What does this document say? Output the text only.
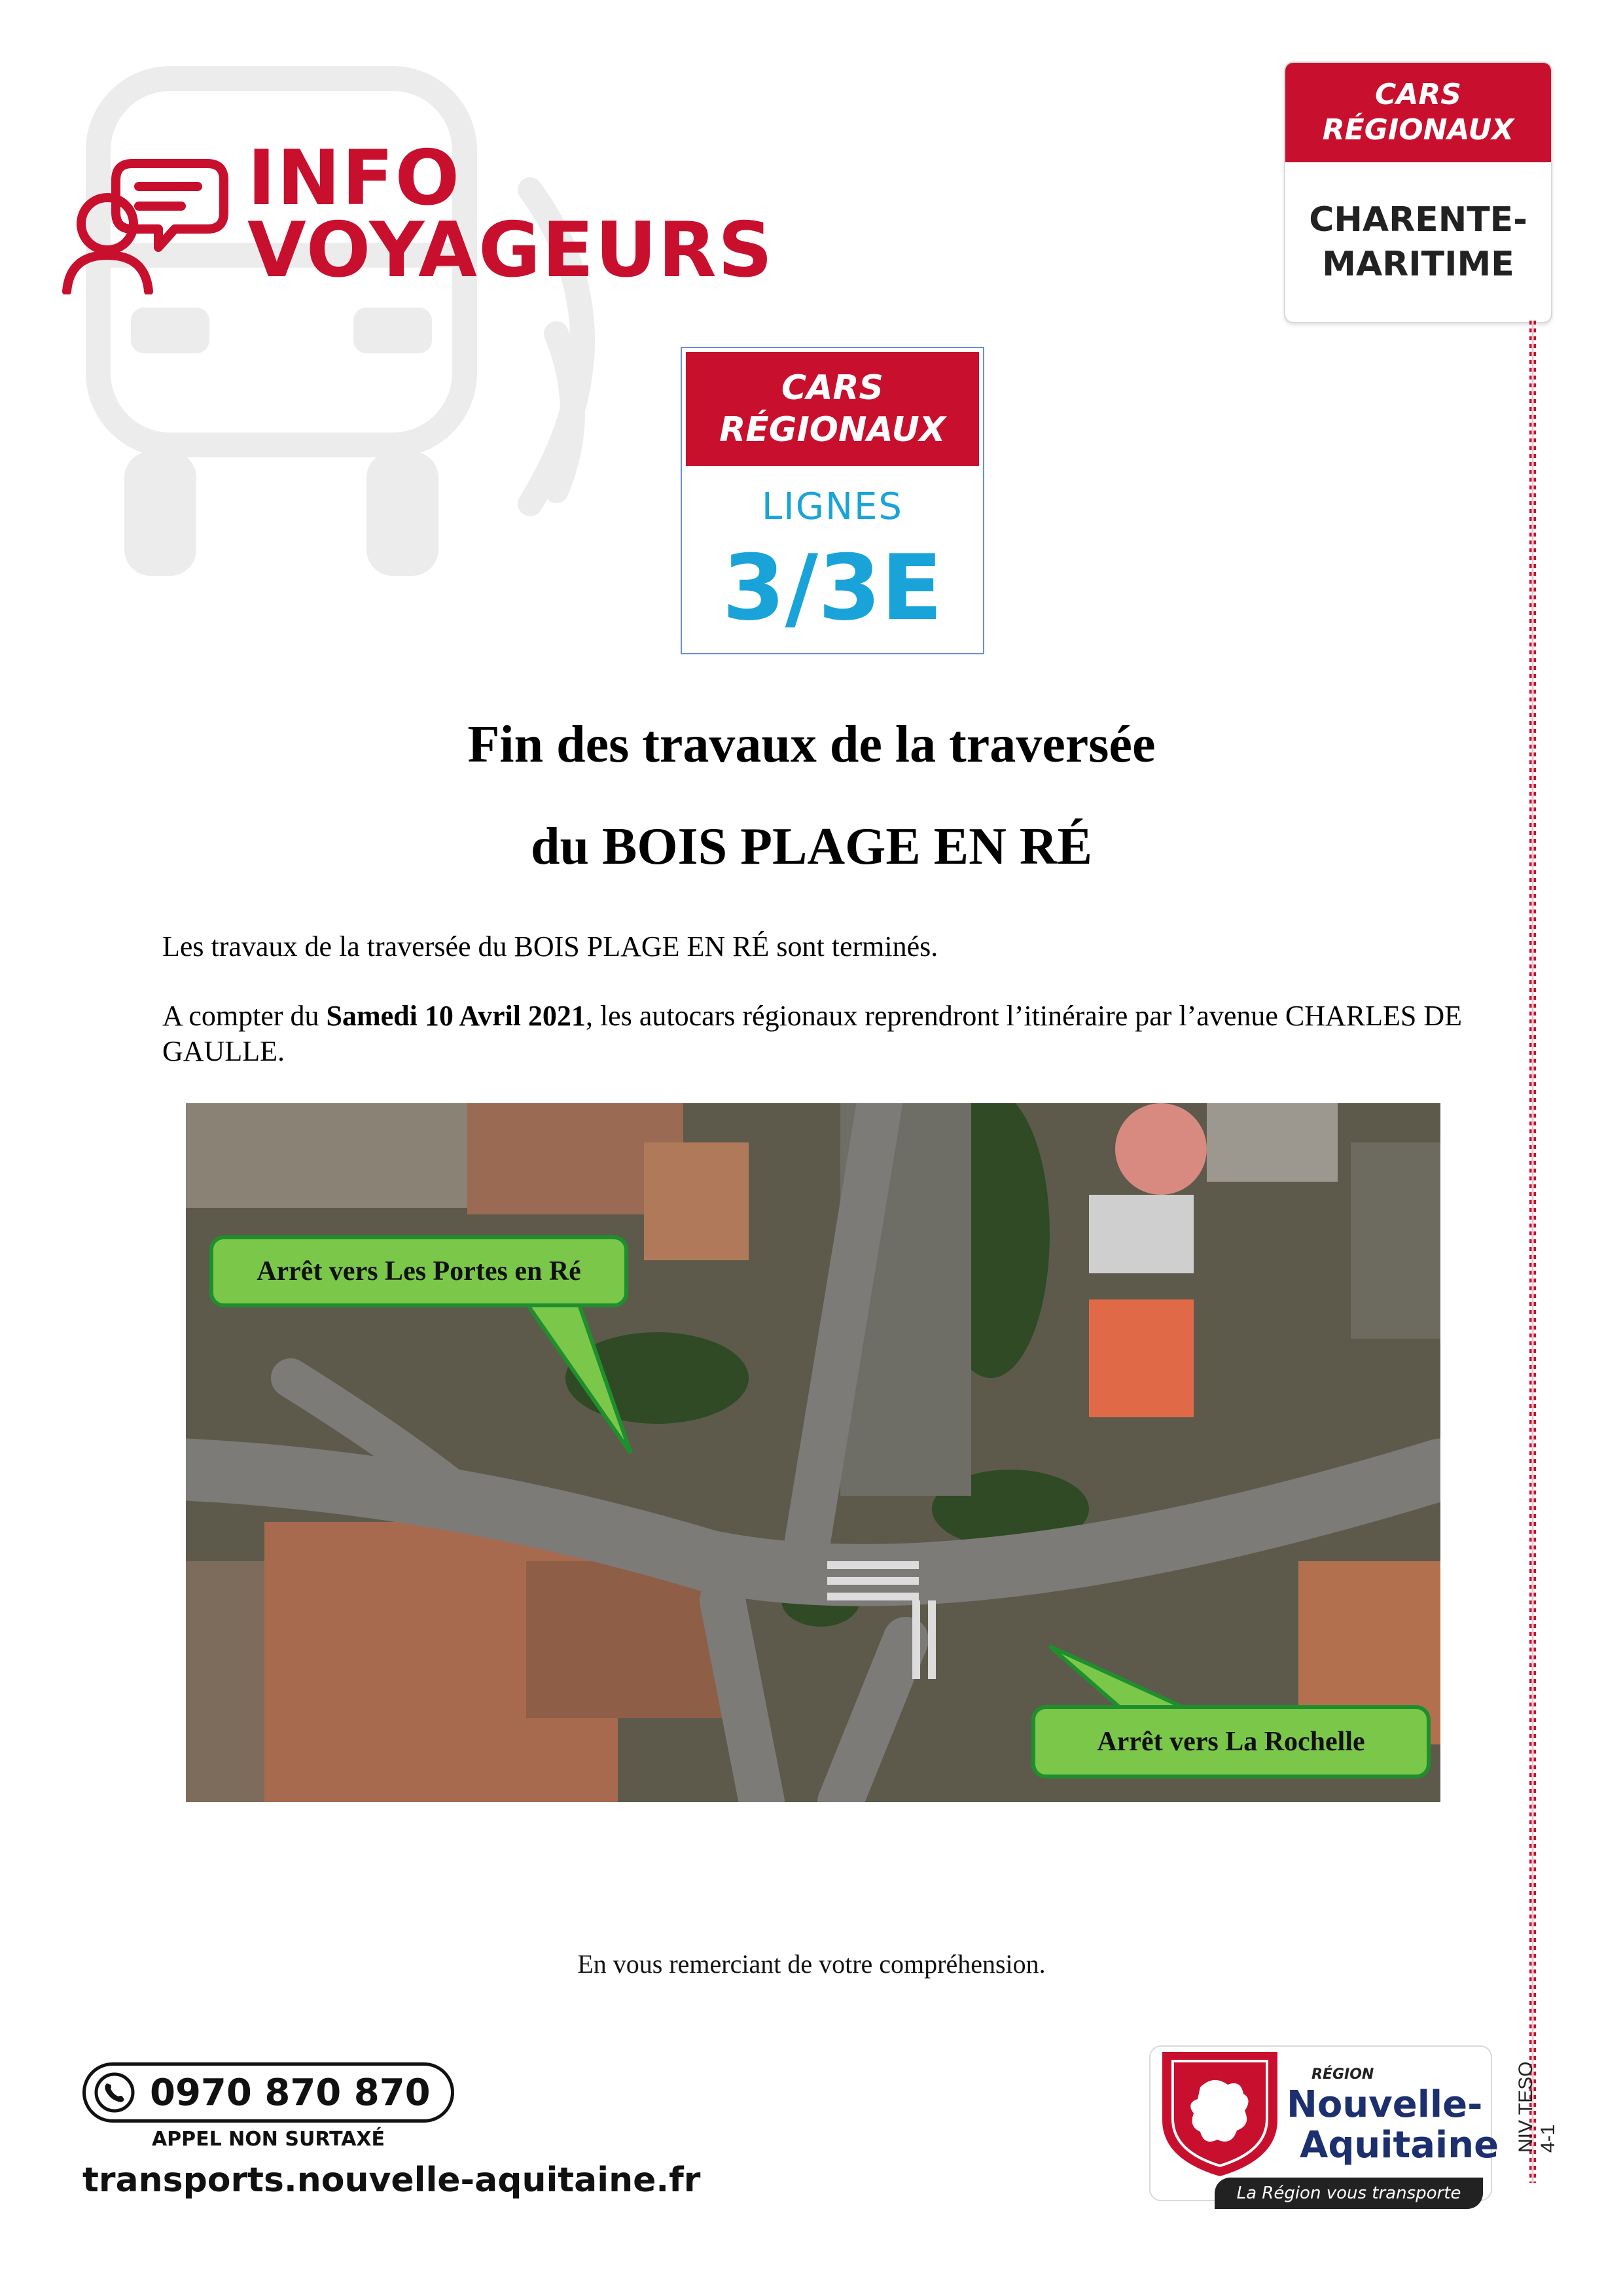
INFO
VOYAGEURS
CARS
RÉGIONAUX
CHARENTE-
MARITIME
CARS
RÉGIONAUX
LIGNES
3/3E
Fin des travaux de la traversée
du BOIS PLAGE EN RÉ

Les travaux de la traversée du BOIS PLAGE EN RÉ sont terminés.

A compter du Samedi 10 Avril 2021, les autocars régionaux reprendront l’itinéraire par l’avenue CHARLES DE GAULLE.

Arrêt vers Les Portes en Ré
Arrêt vers La Rochelle

En vous remerciant de votre compréhension.

NIV TESO 4-1
0970 870 870

APPEL NON SURTAXÉ

transports.nouvelle-aquitaine.fr

RÉGION

Nouvelle-
Aquitaine

La Région vous transporte
